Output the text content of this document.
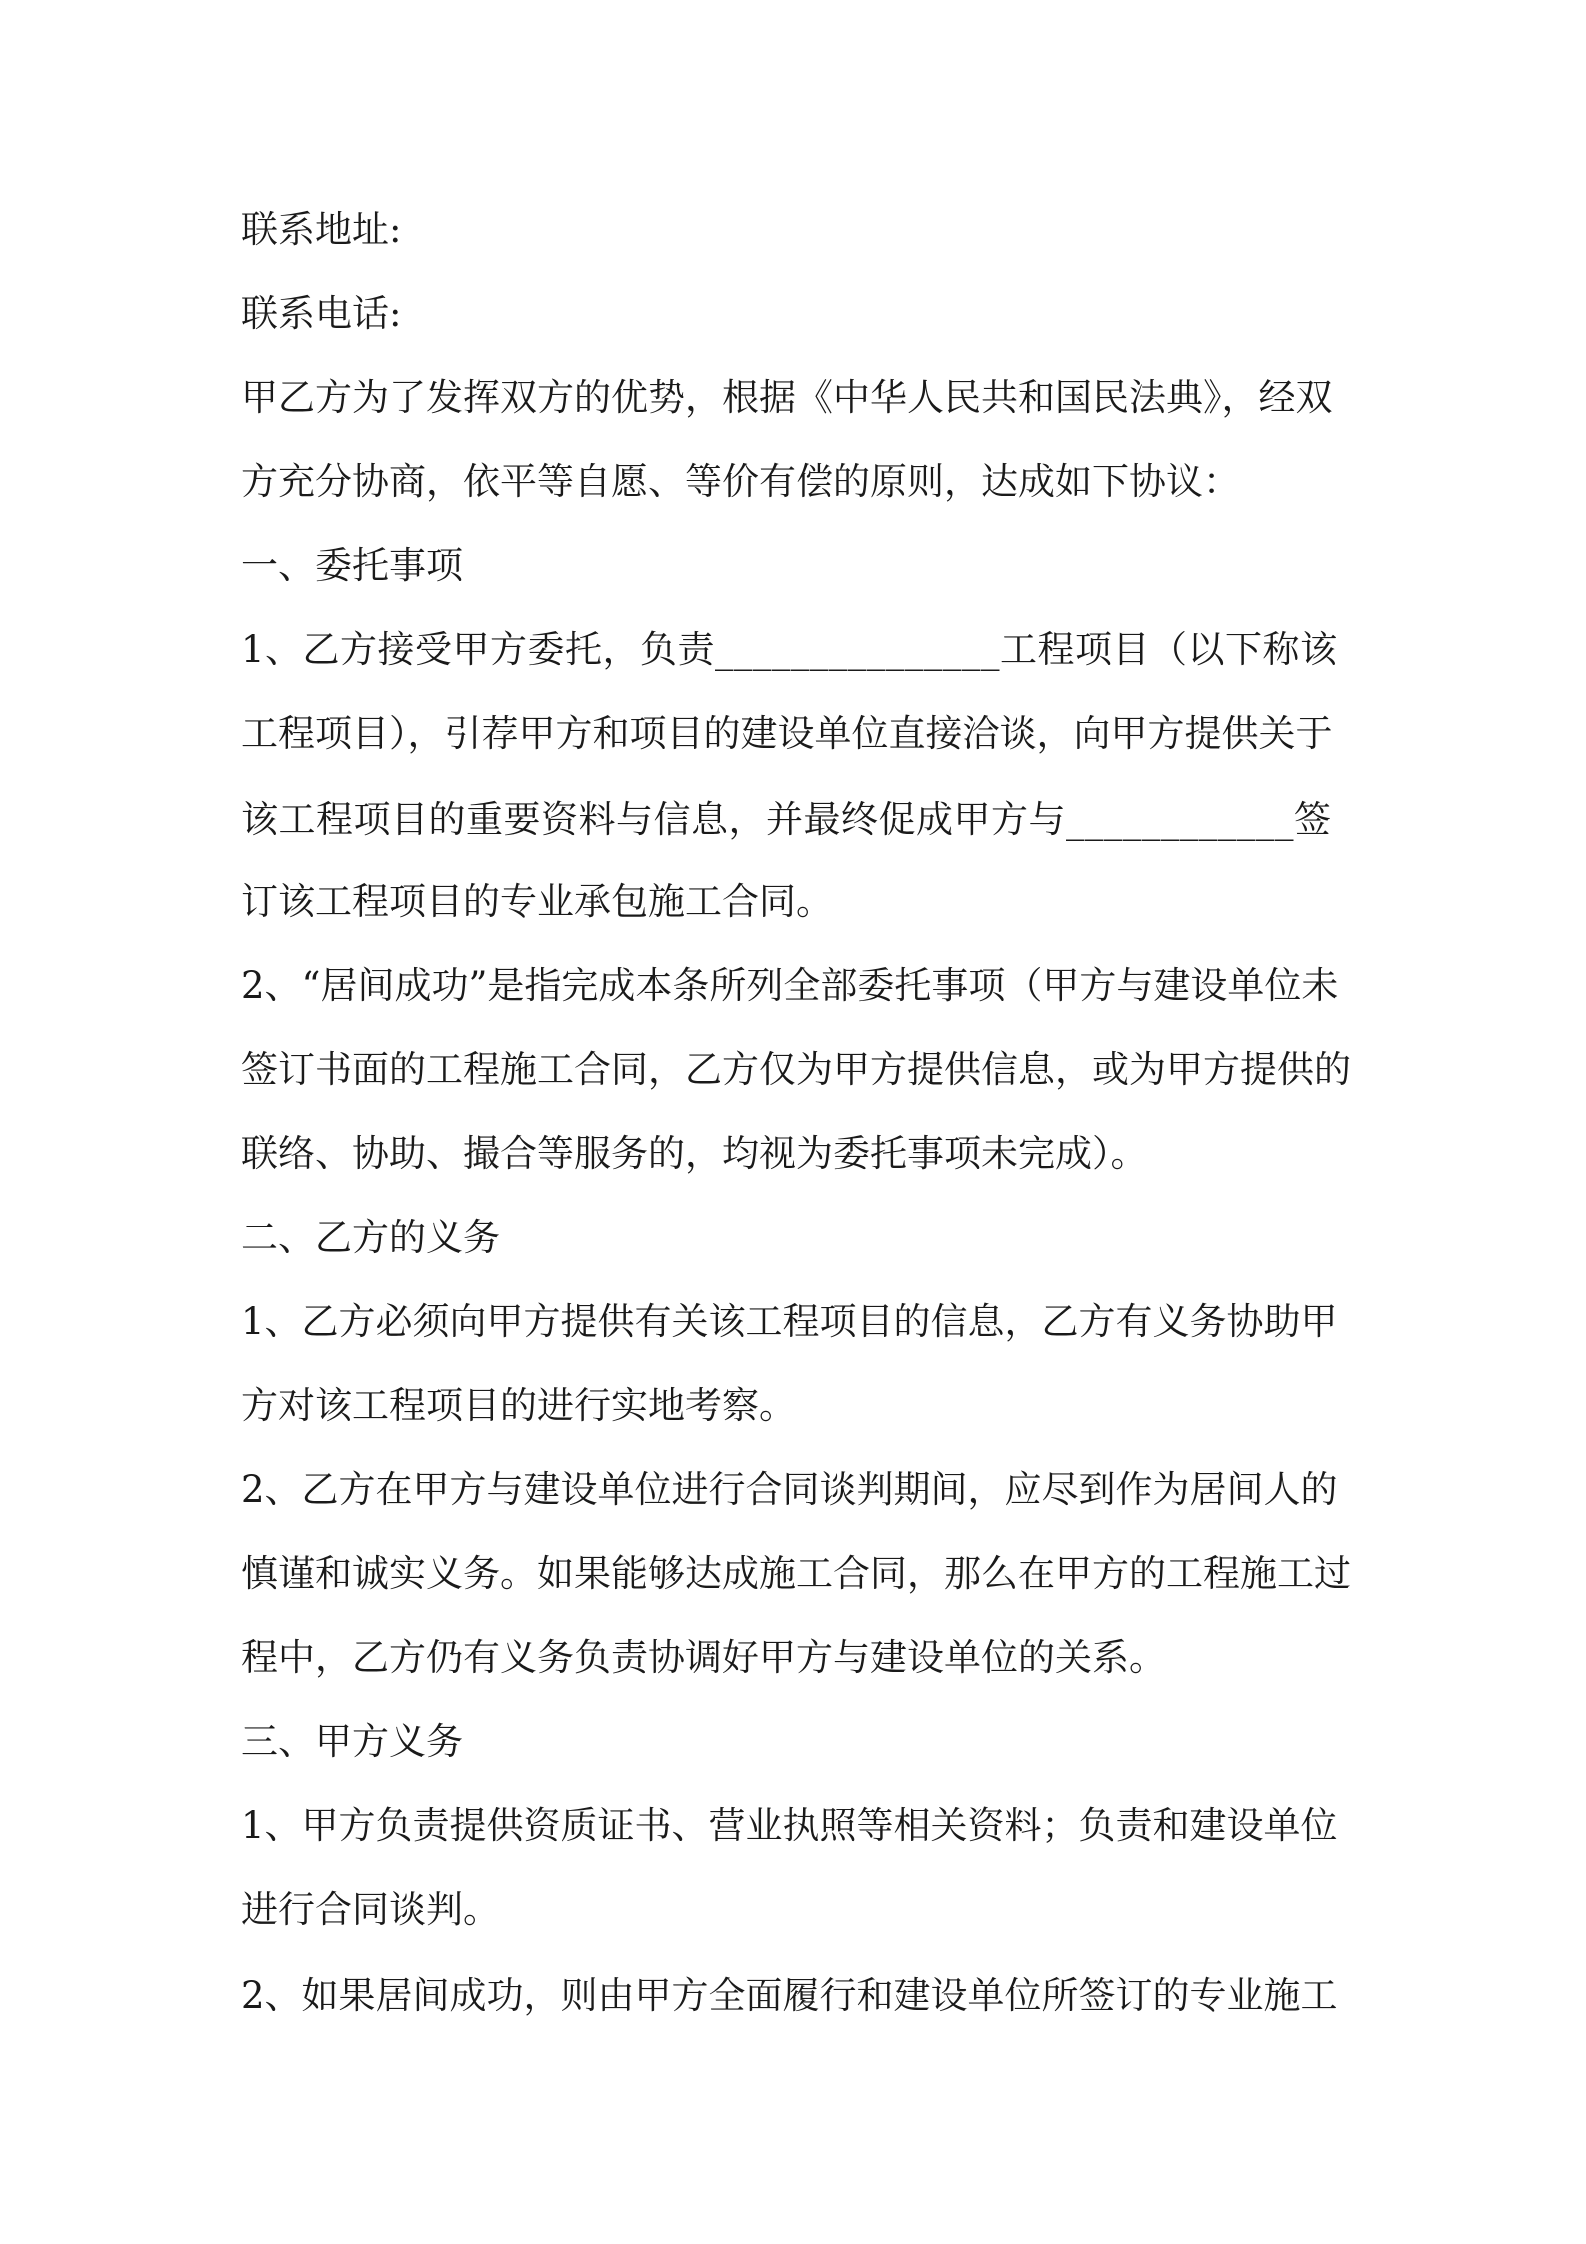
联系地址:
联系电话:
甲乙方为了发挥双方的优势，根据《中华人民共和国民法典》，经双
方充分协商，依平等自愿、等价有偿的原则，达成如下协议：
一、委托事项
1、乙方接受甲方委托，负责_______________工程项目（以下称该
工程项目），引荐甲方和项目的建设单位直接洽谈，向甲方提供关于
该工程项目的重要资料与信息，并最终促成甲方与____________签
订该工程项目的专业承包施工合同。
2、“居间成功”是指完成本条所列全部委托事项（甲方与建设单位未
签订书面的工程施工合同，乙方仅为甲方提供信息，或为甲方提供的
联络、协助、撮合等服务的，均视为委托事项未完成）。
二、乙方的义务
1、乙方必须向甲方提供有关该工程项目的信息，乙方有义务协助甲
方对该工程项目的进行实地考察。
2、乙方在甲方与建设单位进行合同谈判期间，应尽到作为居间人的
慎谨和诚实义务。如果能够达成施工合同，那么在甲方的工程施工过
程中，乙方仍有义务负责协调好甲方与建设单位的关系。
三、甲方义务
1、甲方负责提供资质证书、营业执照等相关资料；负责和建设单位
进行合同谈判。
2、如果居间成功，则由甲方全面履行和建设单位所签订的专业施工
